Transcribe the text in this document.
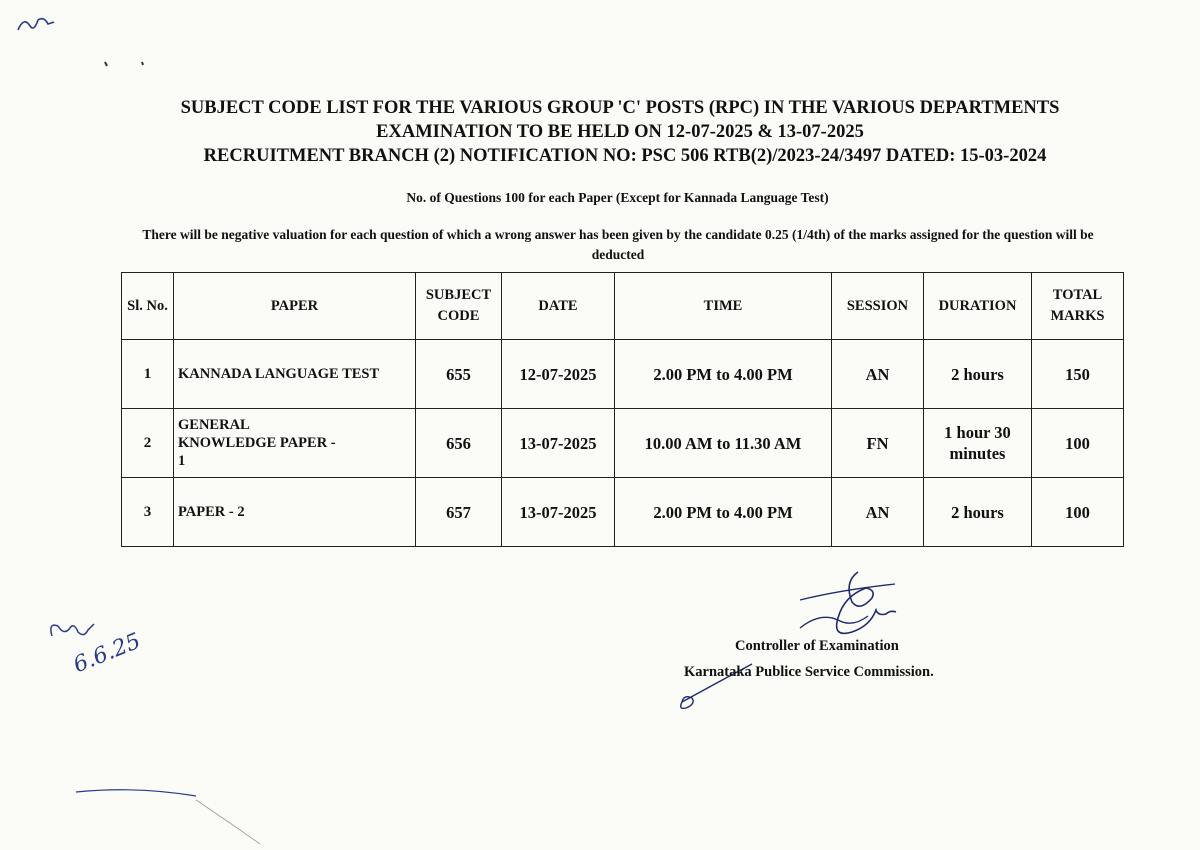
SUBJECT CODE LIST FOR THE VARIOUS GROUP 'C' POSTS (RPC) IN THE VARIOUS DEPARTMENTS
EXAMINATION TO BE HELD ON 12-07-2025 & 13-07-2025
RECRUITMENT BRANCH (2) NOTIFICATION NO: PSC 506 RTB(2)/2023-24/3497 DATED: 15-03-2024
No. of Questions 100 for each Paper (Except for Kannada Language Test)
There will be negative valuation for each question of which a wrong answer has been given by the candidate 0.25 (1/4th) of the marks assigned for the question will be deducted
Sl. No.	PAPER	SUBJECT CODE	DATE	TIME	SESSION	DURATION	TOTAL MARKS
1	KANNADA LANGUAGE TEST	655	12-07-2025	2.00 PM to 4.00 PM	AN	2 hours	150
2	GENERAL KNOWLEDGE PAPER - 1	656	13-07-2025	10.00 AM to 11.30 AM	FN	1 hour 30 minutes	100
3	PAPER - 2	657	13-07-2025	2.00 PM to 4.00 PM	AN	2 hours	100
Controller of Examination
Karnataka Publice Service Commission.
6.6.25
